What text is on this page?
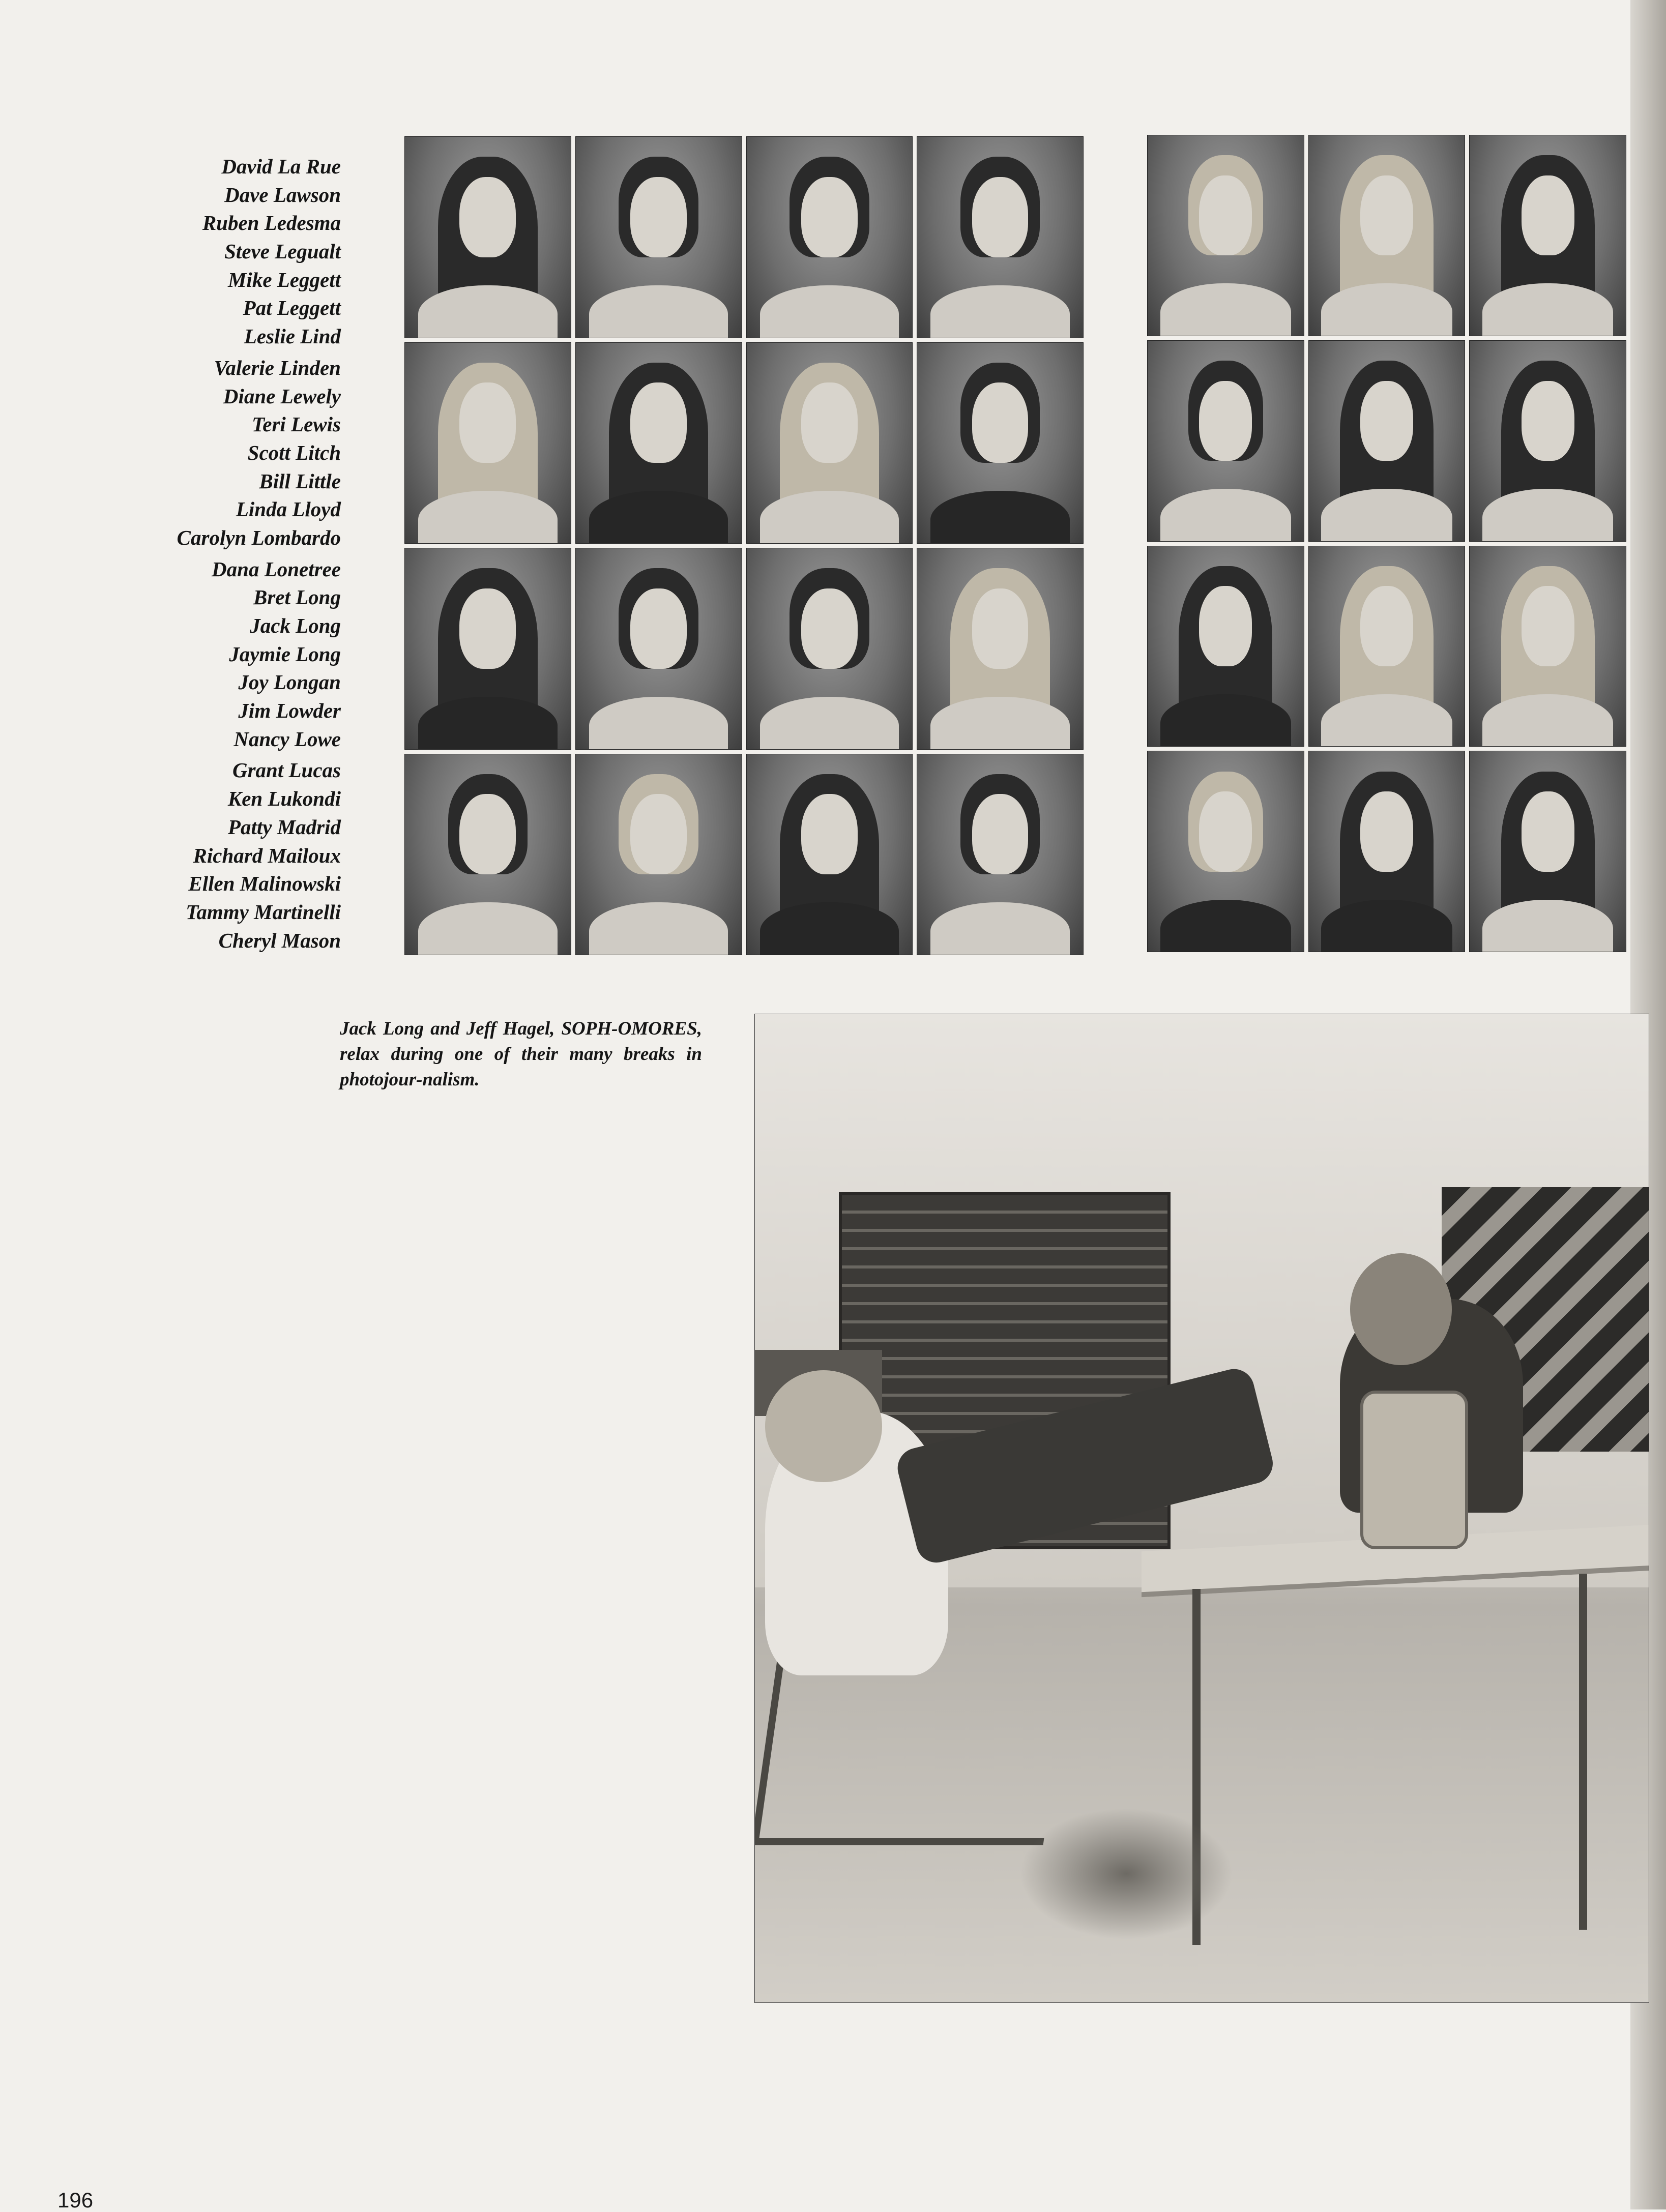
David La Rue
Dave Lawson
Ruben Ledesma
Steve Legualt
Mike Leggett
Pat Leggett
Leslie Lind
Valerie Linden
Diane Lewely
Teri Lewis
Scott Litch
Bill Little
Linda Lloyd
Carolyn Lombardo
Dana Lonetree
Bret Long
Jack Long
Jaymie Long
Joy Longan
Jim Lowder
Nancy Lowe
Grant Lucas
Ken Lukondi
Patty Madrid
Richard Mailoux
Ellen Malinowski
Tammy Martinelli
Cheryl Mason
Jack Long and Jeff Hagel, SOPH-OMORES, relax during one of their many breaks in photojour-nalism.
196
